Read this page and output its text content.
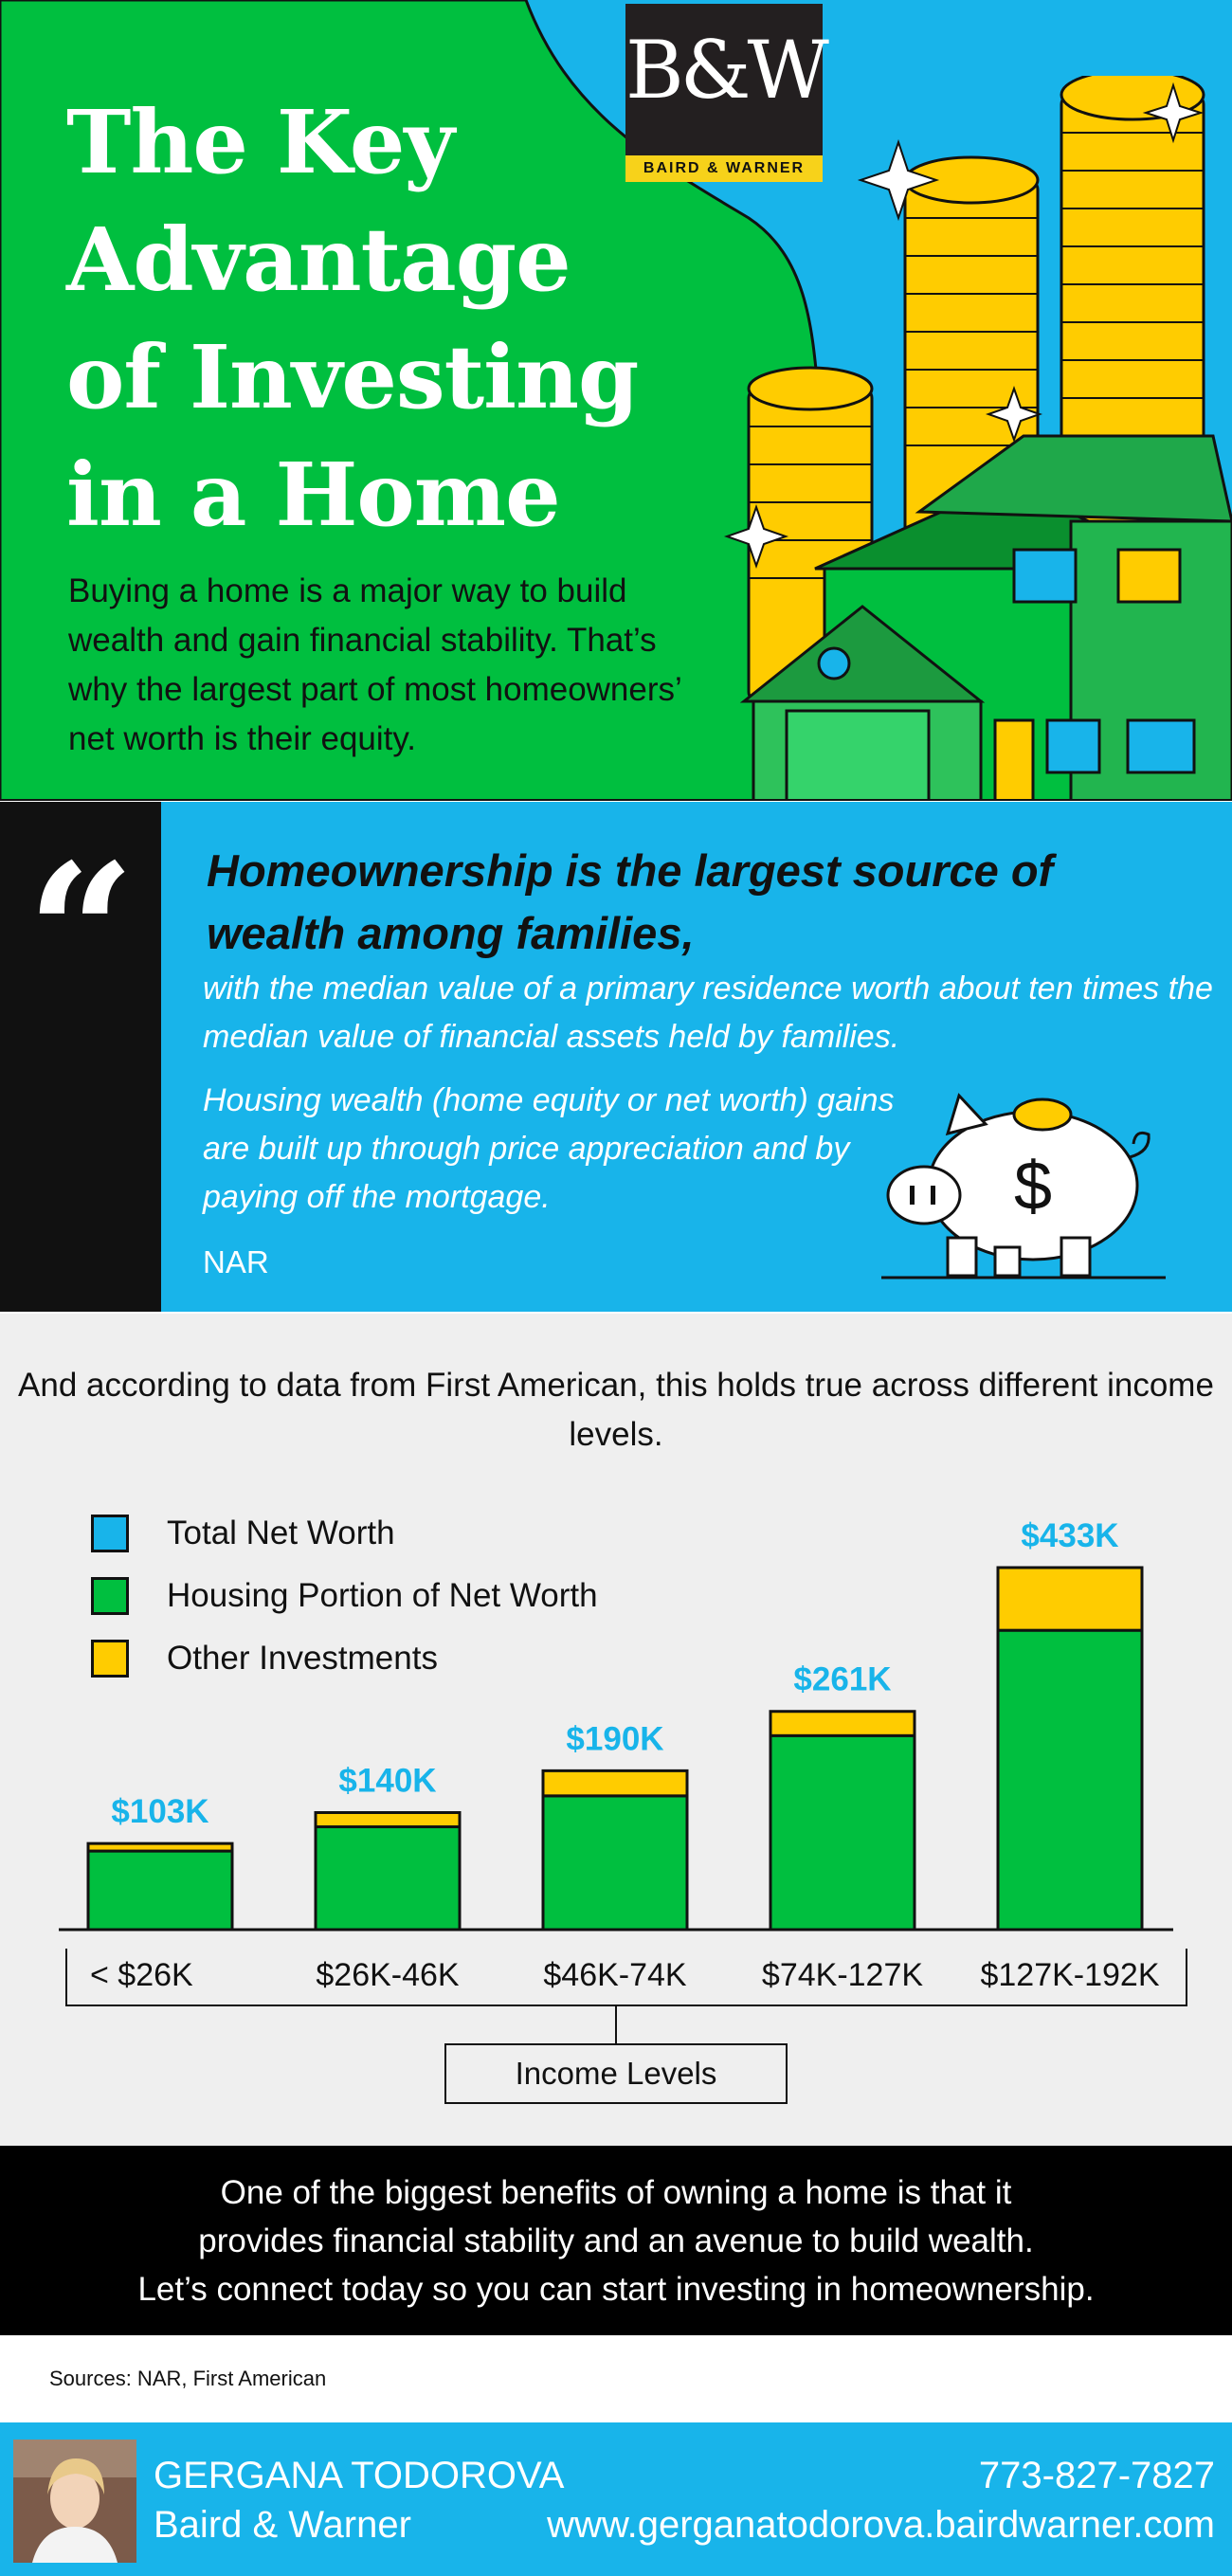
The Key
Advantage
of Investing
in a Home

Buying a home is a major way to build wealth and gain financial stability. That’s why the largest part of most homeowners’ net worth is their equity.

B&W
BAIRD & WARNER
“ Homeownership is the largest source of wealth among families,

with the median value of a primary residence worth about ten times the median value of financial assets held by families.

Housing wealth (home equity or net worth) gains are built up through price appreciation and by paying off the mortgage.

NAR
$

And according to data from First American, this holds true across different income levels.

$103K
< $26K
$140K
$26K-46K
$190K
$46K-74K
$261K
$74K-127K
$433K
$127K-192K
Total Net Worth
Housing Portion of Net Worth
Other Investments
Income Levels

One of the biggest benefits of owning a home is that it
provides financial stability and an avenue to build wealth.
Let’s connect today so you can start investing in homeownership.

Sources: NAR, First American
GERGANA TODOROVA
Baird & Warner
773-827-7827
www.gerganatodorova.bairdwarner.com
